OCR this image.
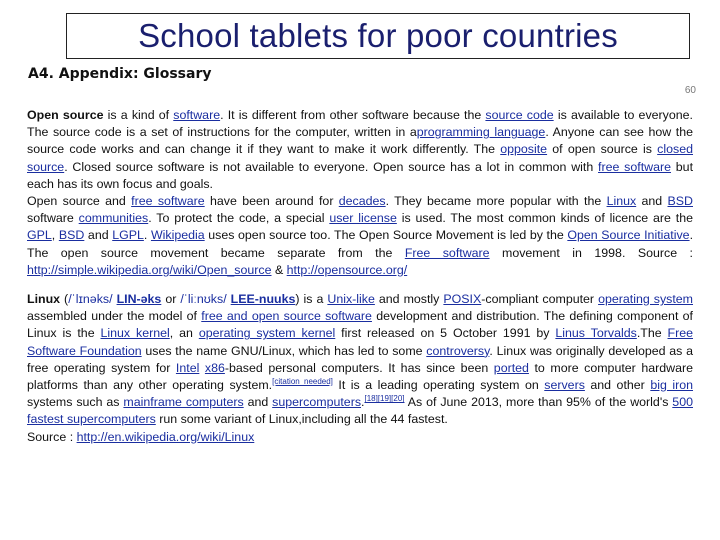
School tablets for poor countries
A4. Appendix: Glossary
60

Open source is a kind of software. It is different from other software because the source code is available to everyone. The source code is a set of instructions for the computer, written in aprogramming language. Anyone can see how the source code works and can change it if they want to make it work differently. The opposite of open source is closed source. Closed source software is not available to everyone. Open source has a lot in common with free software but each has its own focus and goals.
Open source and free software have been around for decades. They became more popular with the Linux and BSD software communities. To protect the code, a special user license is used. The most common kinds of licence are the GPL, BSD and LGPL. Wikipedia uses open source too. The Open Source Movement is led by the Open Source Initiative. The open source movement became separate from the Free software movement in 1998. Source : http://simple.wikipedia.org/wiki/Open_source & http://opensource.org/

Linux (/ˈlɪnəks/ LIN-əks or /ˈliːnʊks/ LEE-nuuks) is a Unix-like and mostly POSIX-compliant computer operating system assembled under the model of free and open source software development and distribution. The defining component of Linux is the Linux kernel, an operating system kernel first released on 5 October 1991 by Linus Torvalds.The Free Software Foundation uses the name GNU/Linux, which has led to some controversy. Linux was originally developed as a free operating system for Intel x86-based personal computers. It has since been ported to more computer hardware platforms than any other operating system.[citation needed] It is a leading operating system on servers and other big iron systems such as mainframe computers and supercomputers.[18][19][20] As of June 2013, more than 95% of the world's 500 fastest supercomputers run some variant of Linux,including all the 44 fastest.
Source : http://en.wikipedia.org/wiki/Linux
